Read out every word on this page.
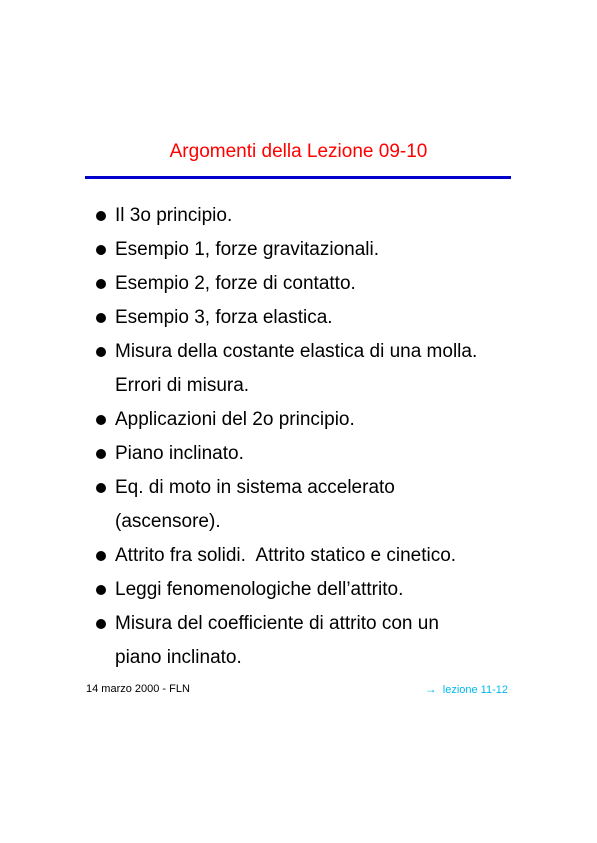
Argomenti della Lezione 09-10
Il 3o principio.
Esempio 1, forze gravitazionali.
Esempio 2, forze di contatto.
Esempio 3, forza elastica.
Misura della costante elastica di una molla.
Errori di misura.
Applicazioni del 2o principio.
Piano inclinato.
Eq. di moto in sistema accelerato
(ascensore).
Attrito fra solidi.  Attrito statico e cinetico.
Leggi fenomenologiche dell’attrito.
Misura del coefficiente di attrito con un
piano inclinato.
14 marzo 2000 - FLN	→ lezione 11-12
